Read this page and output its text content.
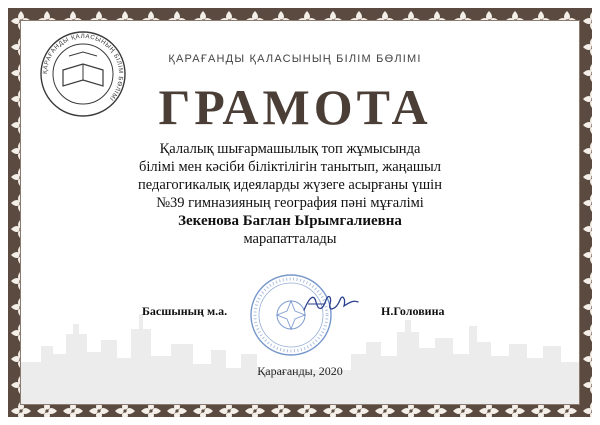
ҚАРАҒАНДЫ ҚАЛАСЫНЫҢ БІЛІМ БӨЛІМІ
ҚАРАҒАНДЫ ҚАЛАСЫНЫҢ БІЛІМ БӨЛІМІ
ГРАМОТА
Қалалық шығармашылық топ жұмысында
білімі мен кәсіби біліктілігін танытып, жаңашыл
педагогикалық идеяларды жүзеге асырғаны үшін
№39 гимназияның география пәні мұғалімі
Зекенова Баглан Ырымгалиевна
марапатталады
Басшының м.а.	Н.Головина
Қарағанды, 2020
